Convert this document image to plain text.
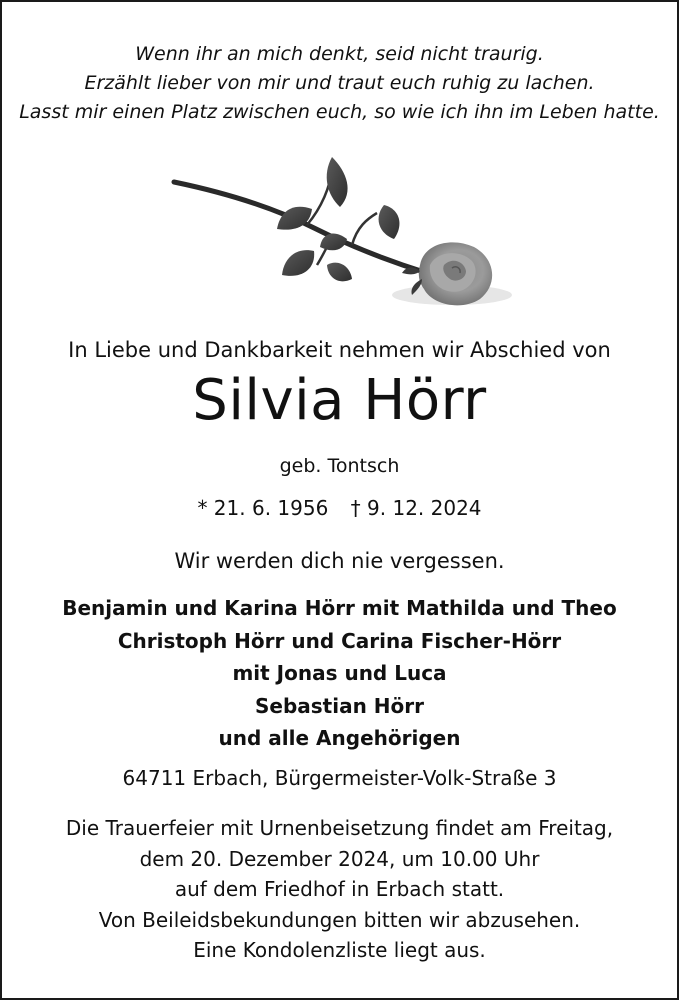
Wenn ihr an mich denkt, seid nicht traurig.
Erzählt lieber von mir und traut euch ruhig zu lachen.
Lasst mir einen Platz zwischen euch, so wie ich ihn im Leben hatte.
In Liebe und Dankbarkeit nehmen wir Abschied von
Silvia Hörr
geb. Tontsch
* 21. 6. 1956 † 9. 12. 2024
Wir werden dich nie vergessen.
Benjamin und Karina Hörr mit Mathilda und Theo
Christoph Hörr und Carina Fischer-Hörr
mit Jonas und Luca
Sebastian Hörr
und alle Angehörigen
64711 Erbach, Bürgermeister-Volk-Straße 3
Die Trauerfeier mit Urnenbeisetzung findet am Freitag,
dem 20. Dezember 2024, um 10.00 Uhr
auf dem Friedhof in Erbach statt.
Von Beileidsbekundungen bitten wir abzusehen.
Eine Kondolenzliste liegt aus.
